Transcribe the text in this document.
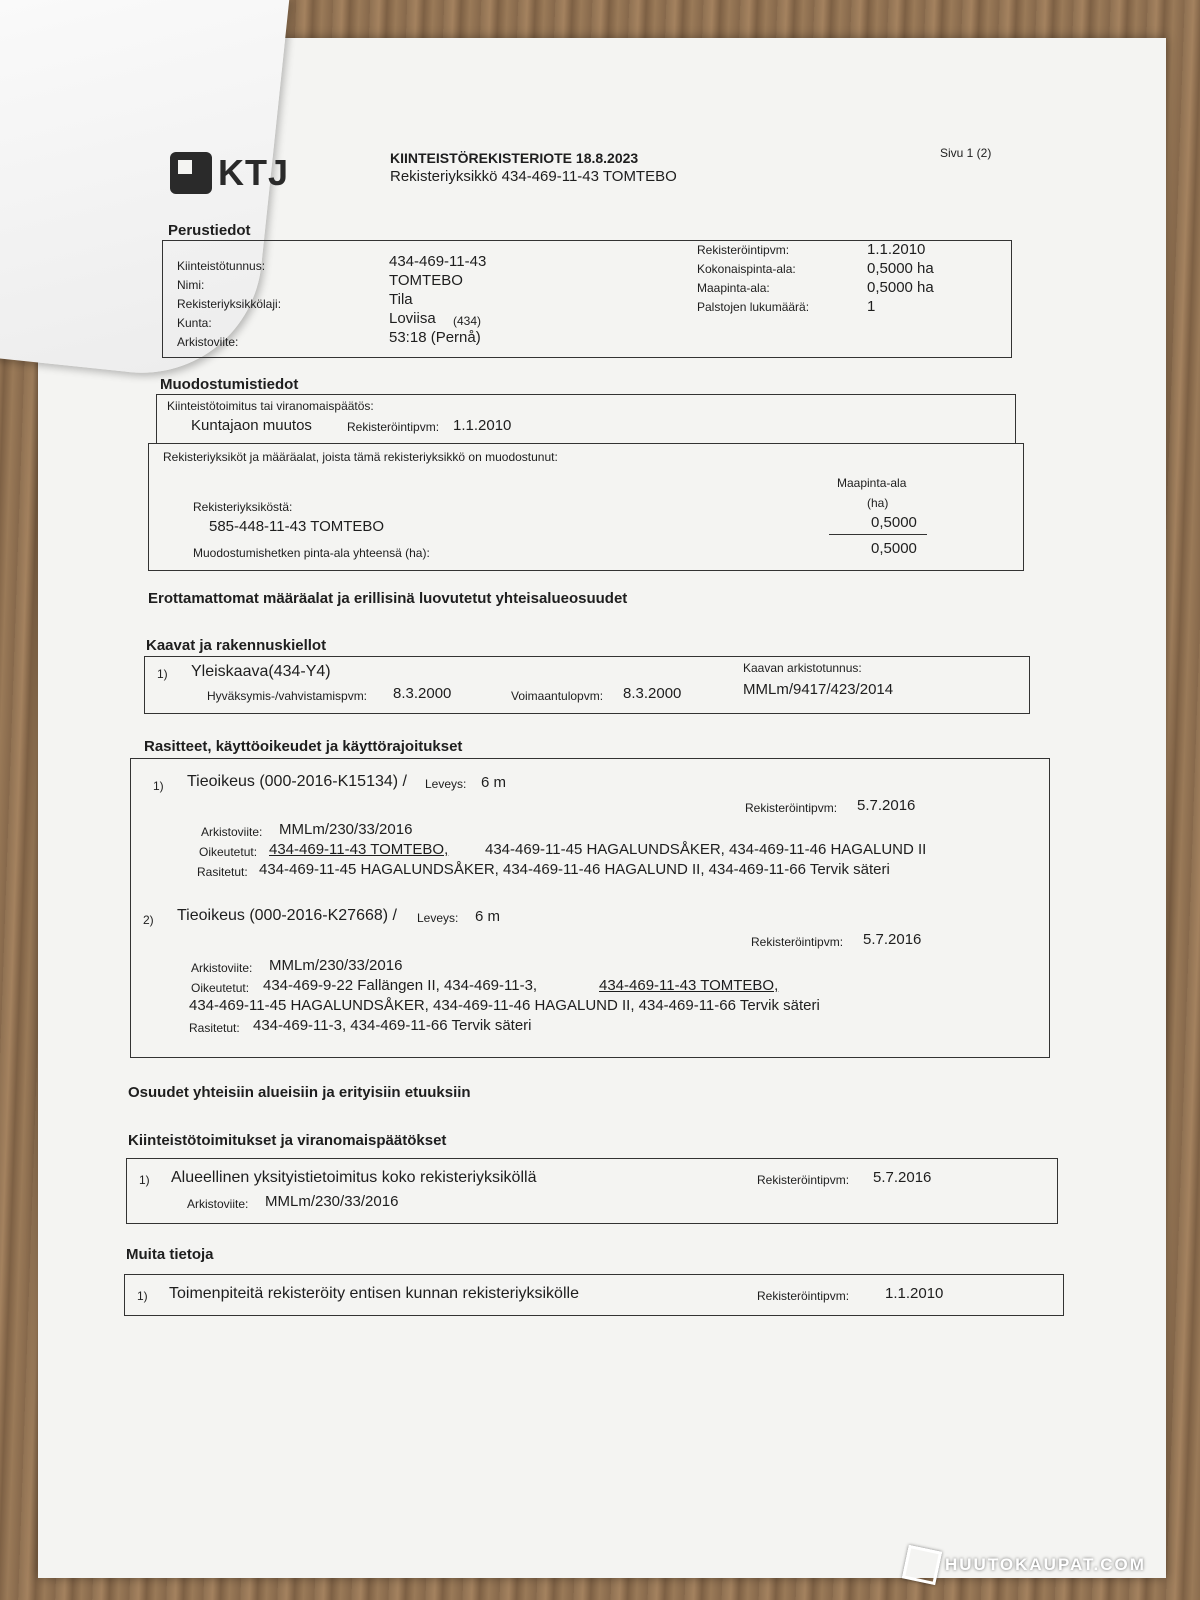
KTJ	KIINTEISTÖREKISTERIOTE 18.8.2023
Rekisteriyksikkö 434-469-11-43 TOMTEBO
Sivu 1 (2)
Perustiedot
Kiinteistötunnus:	434-469-11-43
Nimi:	TOMTEBO
Rekisteriyksikkölaji:	Tila
Kunta:	Loviisa (434)
Arkistoviite:	53:18 (Pernå)
Rekisteröintipvm:	1.1.2010
Kokonaispinta-ala:	0,5000 ha
Maapinta-ala:	0,5000 ha
Palstojen lukumäärä:	1
Muodostumistiedot
Kiinteistötoimitus tai viranomaispäätös:
Kuntajaon muutos	Rekisteröintipvm: 1.1.2010
Rekisteriyksiköt ja määräalat, joista tämä rekisteriyksikkö on muodostunut:
Maapinta-ala
(ha)
Rekisteriyksiköstä:
585-448-11-43 TOMTEBO	0,5000
Muodostumishetken pinta-ala yhteensä (ha):	0,5000
Erottamattomat määräalat ja erillisinä luovutetut yhteisalueosuudet
Kaavat ja rakennuskiellot
1) Yleiskaava(434-Y4)
Hyväksymis-/vahvistamispvm: 8.3.2000	Voimaantulopvm: 8.3.2000
Kaavan arkistotunnus:
MMLm/9417/423/2014
Rasitteet, käyttöoikeudet ja käyttörajoitukset
1) Tieoikeus (000-2016-K15134) / Leveys: 6 m
Rekisteröintipvm: 5.7.2016
Arkistoviite: MMLm/230/33/2016
Oikeutetut: 434-469-11-43 TOMTEBO, 434-469-11-45 HAGALUNDSÅKER, 434-469-11-46 HAGALUND II
Rasitetut: 434-469-11-45 HAGALUNDSÅKER, 434-469-11-46 HAGALUND II, 434-469-11-66 Tervik säteri
2) Tieoikeus (000-2016-K27668) / Leveys: 6 m
Rekisteröintipvm: 5.7.2016
Arkistoviite: MMLm/230/33/2016
Oikeutetut: 434-469-9-22 Fallängen II, 434-469-11-3,	434-469-11-43 TOMTEBO,
434-469-11-45 HAGALUNDSÅKER, 434-469-11-46 HAGALUND II, 434-469-11-66 Tervik säteri
Rasitetut: 434-469-11-3, 434-469-11-66 Tervik säteri
Osuudet yhteisiin alueisiin ja erityisiin etuuksiin
Kiinteistötoimitukset ja viranomaispäätökset
1) Alueellinen yksityistietoimitus koko rekisteriyksiköllä	Rekisteröintipvm: 5.7.2016
Arkistoviite: MMLm/230/33/2016
Muita tietoja
1) Toimenpiteitä rekisteröity entisen kunnan rekisteriyksikölle	Rekisteröintipvm: 1.1.2010
HUUTOKAUPAT.COM
